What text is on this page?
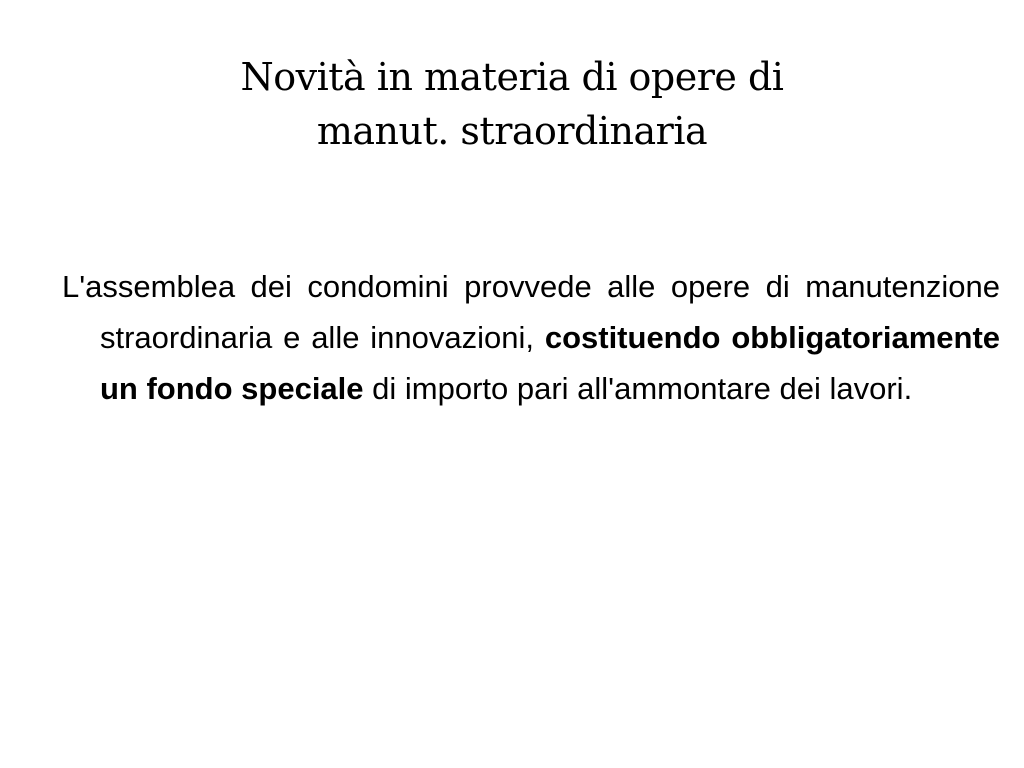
Novità in materia di opere di
manut. straordinaria

L'assemblea dei condomini provvede alle opere di manutenzione straordinaria e alle innovazioni, costituendo obbligatoriamente un fondo speciale di importo pari all'ammontare dei lavori.
